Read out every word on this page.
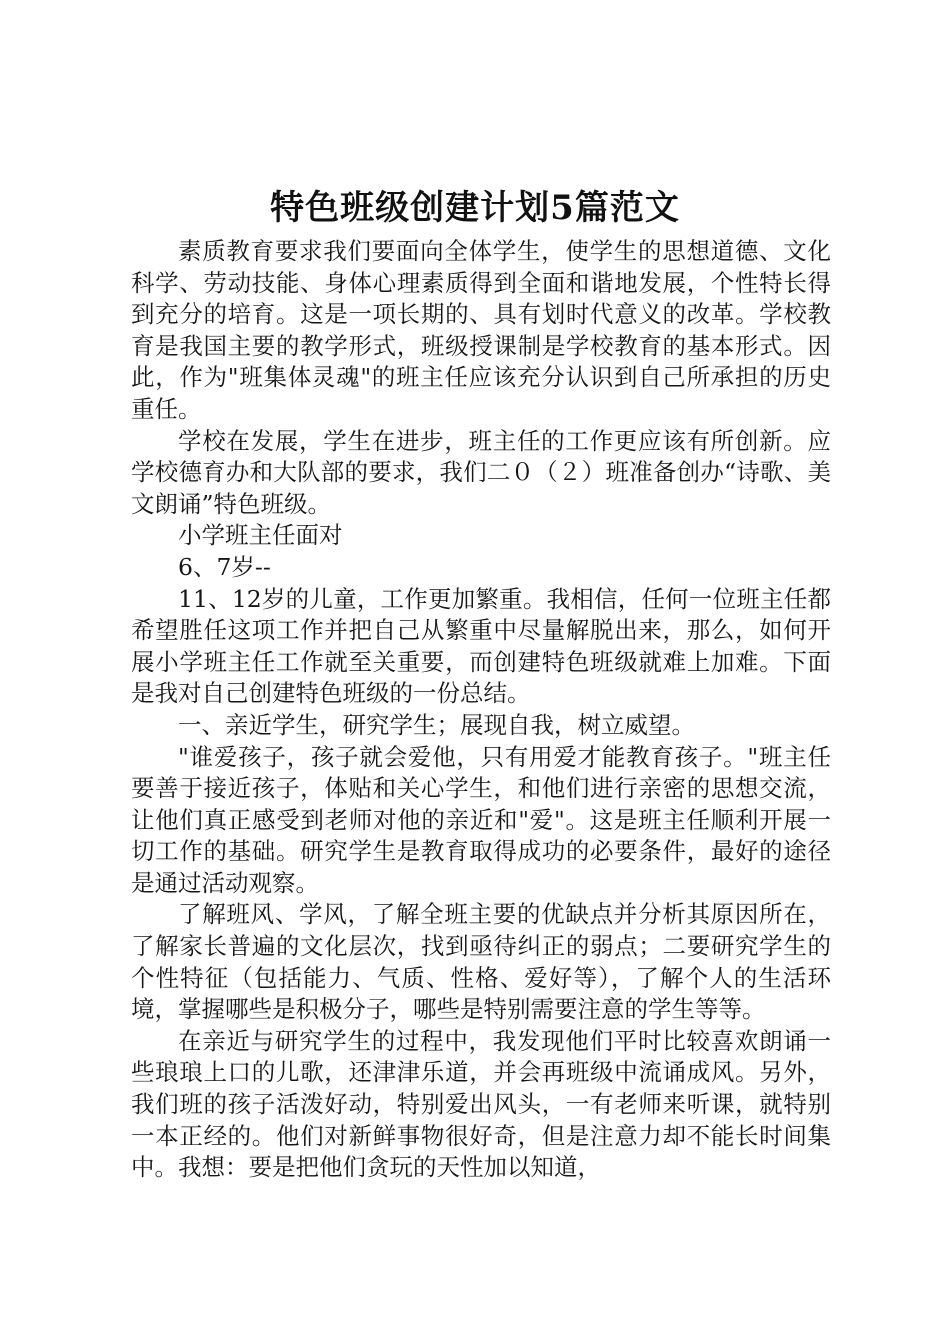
特色班级创建计划5篇范文

素质教育要求我们要面向全体学生，使学生的思想道德、文化科学、劳动技能、身体心理素质得到全面和谐地发展，个性特长得到充分的培育。这是一项长期的、具有划时代意义的改革。学校教育是我国主要的教学形式，班级授课制是学校教育的基本形式。因此，作为"班集体灵魂"的班主任应该充分认识到自己所承担的历史重任。

学校在发展，学生在进步，班主任的工作更应该有所创新。应学校德育办和大队部的要求，我们二０（２）班准备创办“诗歌、美文朗诵”特色班级。

小学班主任面对

6、7岁--

11、12岁的儿童，工作更加繁重。我相信，任何一位班主任都希望胜任这项工作并把自己从繁重中尽量解脱出来，那么，如何开展小学班主任工作就至关重要，而创建特色班级就难上加难。下面是我对自己创建特色班级的一份总结。

一、亲近学生，研究学生；展现自我，树立威望。

"谁爱孩子，孩子就会爱他，只有用爱才能教育孩子。"班主任要善于接近孩子，体贴和关心学生，和他们进行亲密的思想交流，让他们真正感受到老师对他的亲近和"爱"。这是班主任顺利开展一切工作的基础。研究学生是教育取得成功的必要条件，最好的途径是通过活动观察。

了解班风、学风，了解全班主要的优缺点并分析其原因所在，了解家长普遍的文化层次，找到亟待纠正的弱点；二要研究学生的个性特征（包括能力、气质、性格、爱好等），了解个人的生活环境，掌握哪些是积极分子，哪些是特别需要注意的学生等等。

在亲近与研究学生的过程中，我发现他们平时比较喜欢朗诵一些琅琅上口的儿歌，还津津乐道，并会再班级中流诵成风。另外，我们班的孩子活泼好动，特别爱出风头，一有老师来听课，就特别一本正经的。他们对新鲜事物很好奇，但是注意力却不能长时间集中。我想：要是把他们贪玩的天性加以知道，
